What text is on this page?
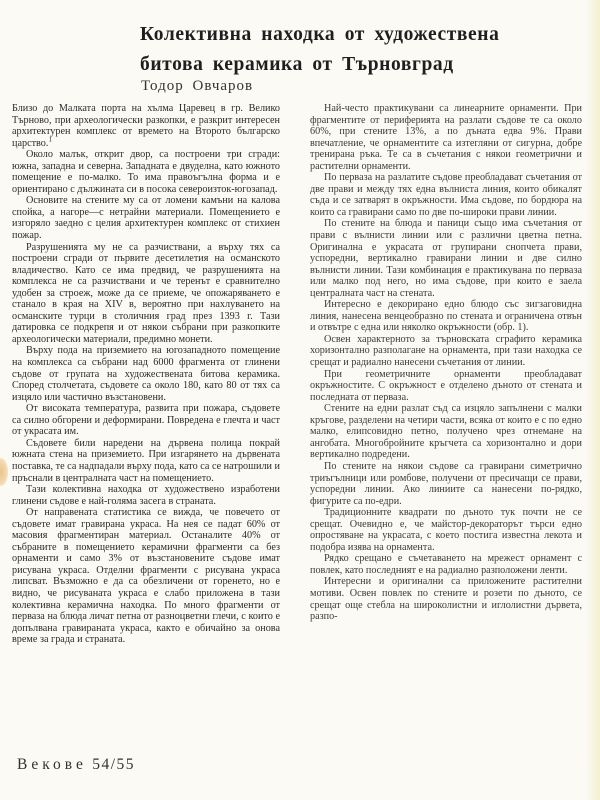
Колективна находка от художествена битова керамика от Търновград
Тодор Овчаров

Близо до Малката порта на хълма Царевец в гр. Велико Търново, при археологически разкопки, е разкрит интересен архитектурен комплекс от времето на Второто българско царство.$^1$

Около малък, открит двор, са построени три сгради: южна, западна и северна. Западната е двуделна, като южното помещение е по-малко. То има правоъгълна форма и е ориентирано с дължината си в посока североизток-югозапад.

Основите на стените му са от ломени камъни на калова спойка, а нагоре—с нетрайни материали. Помещението е изгоряло заедно с целия архитектурен комплекс от стихиен пожар.

Разрушенията му не са разчиствани, а върху тях са построени сгради от първите десетилетия на османското владичество. Като се има предвид, че разрушенията на комплекса не са разчиствани и че теренът е сравнително удобен за строеж, може да се приеме, че опожаряването е станало в края на XIV в, вероятно при нахлуването на османските турци в столичния град през 1393 г. Тази датировка се подкрепя и от някои събрани при разкопките археологически материали, предимно монети.

Върху пода на приземието на югозападното помещение на комплекса са събрани над 6000 фрагмента от глинени съдове от групата на художествената битова керамика. Според столчетата, съдовете са около 180, като 80 от тях са изцяло или частично възстановени.

От високата температура, развита при пожара, съдовете са силно обгорени и деформирани. Повредена е глечта и част от украсата им.

Съдовете били наредени на дървена полица покрай южната стена на приземието. При изгарянето на дървената поставка, те са надпадали върху пода, като са се натрошили и пръснали в централната част на помещението.

Тази колективна находка от художествено изработени глинени съдове е най-голяма засега в страната.

От направената статистика се вижда, че повечето от съдовете имат гравирана украса. На нея се падат 60% от масовия фрагментиран материал. Останалите 40% от събраните в помещението керамични фрагменти са без орнаменти и само 3% от възстановените съдове имат рисувана украса. Отделни фрагменти с рисувана украса липсват. Възможно е да са обезличени от горенето, но е видно, че рисуваната украса е слабо приложена в тази колективна керамична находка. По много фрагменти от перваза на блюда личат петна от разноцветни глечи, с които е допълвана гравираната украса, както е обичайно за онова време за града и страната.

Най-често практикувани са линеарните орнаменти. При фрагментите от периферията на разлати съдове те са около 60%, при стените 13%, а по дъната едва 9%. Прави впечатление, че орнаментите са изтегляни от сигурна, добре тренирана ръка. Те са в съчетания с някои геометрични и растителни орнаменти.

По перваза на разлатите съдове преобладават съчетания от две прави и между тях една вълниста линия, които обикалят съда и се затварят в окръжности. Има съдове, по бордюра на които са гравирани само по две по-широки прави линии.

По стените на блюда и паници също има съчетания от прави с вълнисти линии или с различни цветна петна. Оригинална е украсата от групирани снопчета прави, успоредни, вертикално гравирани линии и две силно вълнисти линии. Тази комбинация е практикувана по перваза или малко под него, но има съдове, при които е заела централната част на стената.

Интересно е декорирано едно блюдо със зигзаговидна линия, нанесена венцеобразно по стената и ограничена отвън и отвътре с една или няколко окръжности (обр. 1).

Освен характерното за търновската сграфито керамика хоризонтално разполагане на орнамента, при тази находка се срещат и радиално нанесени съчетания от линии.

При геометричните орнаменти преобладават окръжностите. С окръжност е отделено дъното от стената и последната от перваза.

Стените на едни разлат съд са изцяло запълнени с малки кръгове, разделени на четири части, всяка от които е с по едно малко, елипсовидно петно, получено чрез отнемане на ангобата. Многобройните кръгчета са хоризонтално и дори вертикално подредени.

По стените на някои съдове са гравирани симетрично триъгълници или ромбове, получени от пресичащи се прави, успоредни линии. Ако линиите са нанесени по-рядко, фигурите са по-едри.

Традиционните квадрати по дъното тук почти не се срещат. Очевидно е, че майстор-декораторът търси едно опростяване на украсата, с което постига известна лекота и подобра изява на орнамента.

Рядко срещано е съчетаването на мрежест орнамент с повлек, като последният е на радиално разположени ленти.

Интересни и оригинални са приложените растителни мотиви. Освен повлек по стените и розети по дъното, се срещат още стебла на широколистни и иглолистни дървета, разпо-

Векове 54/55
